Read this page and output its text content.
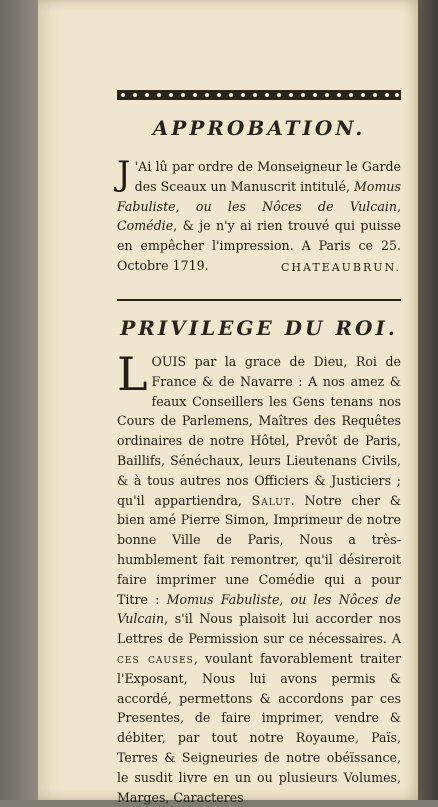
APPROBATION.

J 'Ai lû par ordre de Monseigneur le Garde des Sceaux un Manuscrit intitulé, Momus Fabuliste, ou les Nôces de Vulcain, Comédie, & je n'y ai rien trouvé qui puisse en empêcher l'impression. A Paris ce 25. Octobre 1719.	CHATEAUBRUN.
PRIVILEGE DU ROI.

LOUIS par la grace de Dieu, Roi de France & de Navarre : A nos amez & feaux Conseillers les Gens tenans nos Cours de Parlemens, Maîtres des Requêtes ordinaires de notre Hôtel, Prevôt de Paris, Baillifs, Sénéchaux, leurs Lieutenans Civils, & à tous autres nos Officiers & Justiciers ; qu'il appartiendra, Salut. Notre cher & bien amé Pierre Simon, Imprimeur de notre bonne Ville de Paris, Nous a très-humblement fait remontrer, qu'il désireroit faire imprimer une Comédie qui a pour Titre : Momus Fabuliste, ou les Nôces de Vulcain, s'il Nous plaisoit lui accorder nos Lettres de Permission sur ce nécessaires. A ces causes, voulant favorablement traiter l'Exposant, Nous lui avons permis & accordé, permettons & accordons par ces Presentes, de faire imprimer, vendre & débiter, par tout notre Royaume, Païs, Terres & Seigneuries de notre obéïssance, le susdit livre en un ou plusieurs Volumes, Marges, Caracteres
